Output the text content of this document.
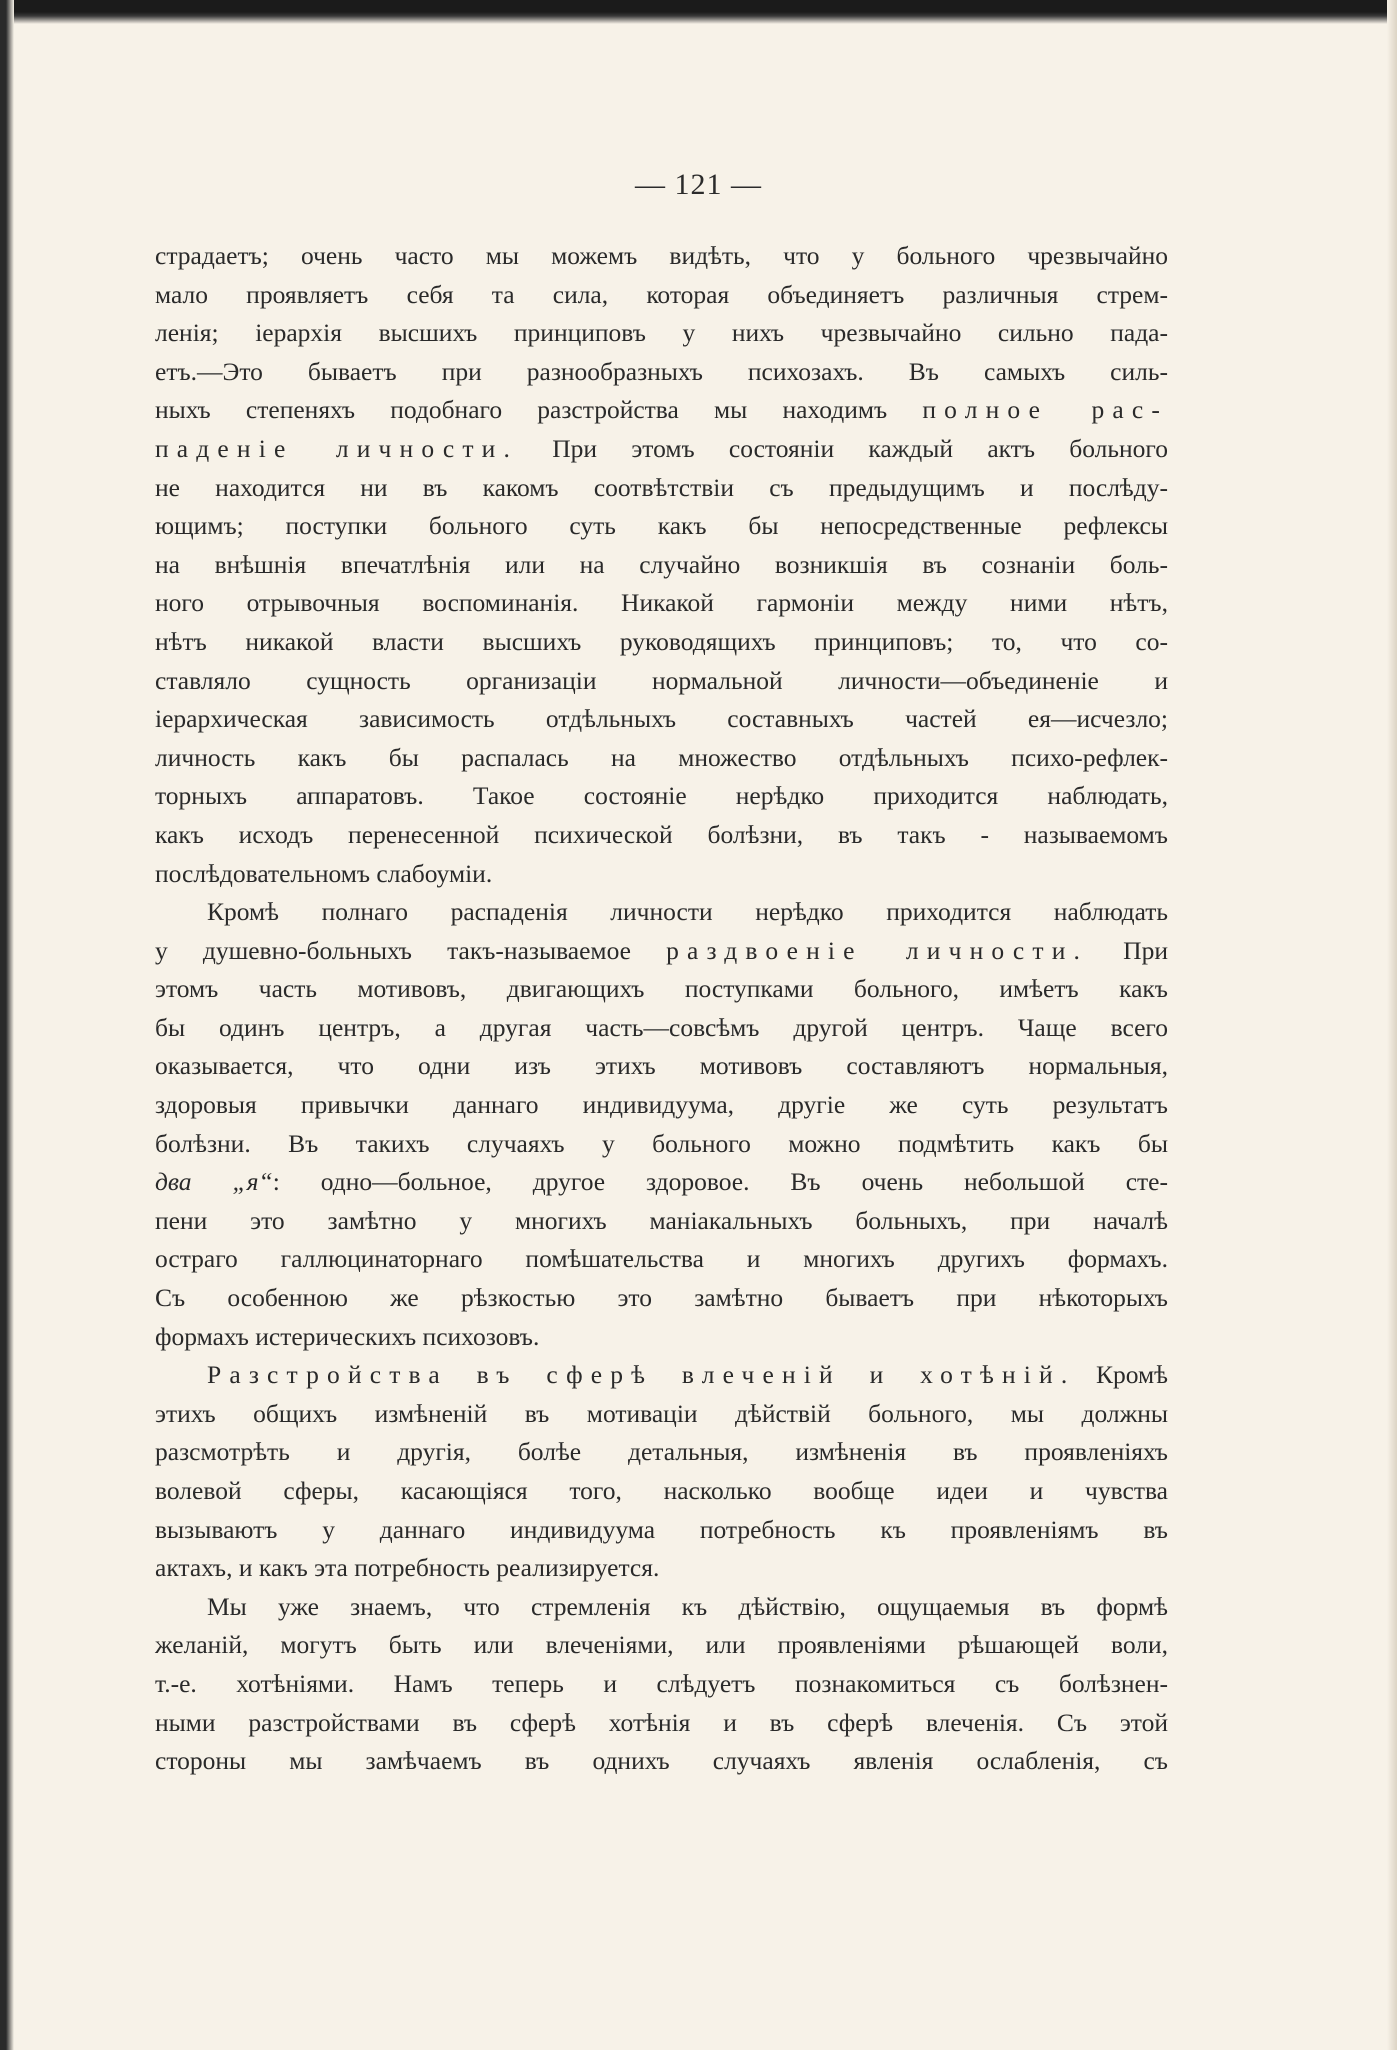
— 121 —
страдаетъ; очень часто мы можемъ видѣть, что у больного чрезвычайно
мало проявляетъ себя та сила, которая объединяетъ различныя стрем-
ленія; іерархія высшихъ принциповъ у нихъ чрезвычайно сильно пада-
етъ.—Это бываетъ при разнообразныхъ психозахъ. Въ самыхъ силь-
ныхъ степеняхъ подобнаго разстройства мы находимъ полное рас-
паденіе личности. При этомъ состояніи каждый актъ больного
не находится ни въ какомъ соотвѣтствіи съ предыдущимъ и послѣду-
ющимъ; поступки больного суть какъ бы непосредственные рефлексы
на внѣшнія впечатлѣнія или на случайно возникшія въ сознаніи боль-
ного отрывочныя воспоминанія. Никакой гармоніи между ними нѣтъ,
нѣтъ никакой власти высшихъ руководящихъ принциповъ; то, что со-
ставляло сущность организаціи нормальной личности—объединеніе и
іерархическая зависимость отдѣльныхъ составныхъ частей ея—исчезло;
личность какъ бы распалась на множество отдѣльныхъ психо-рефлек-
торныхъ аппаратовъ. Такое состояніе нерѣдко приходится наблюдать,
какъ исходъ перенесенной психической болѣзни, въ такъ - называемомъ
послѣдовательномъ слабоуміи.
Кромѣ полнаго распаденія личности нерѣдко приходится наблюдать
у душевно-больныхъ такъ-называемое раздвоеніе личности. При
этомъ часть мотивовъ, двигающихъ поступками больного, имѣетъ какъ
бы одинъ центръ, а другая часть—совсѣмъ другой центръ. Чаще всего
оказывается, что одни изъ этихъ мотивовъ составляютъ нормальныя,
здоровыя привычки даннаго индивидуума, другіе же суть результатъ
болѣзни. Въ такихъ случаяхъ у больного можно подмѣтить какъ бы
два „я“: одно—больное, другое здоровое. Въ очень небольшой сте-
пени это замѣтно у многихъ маніакальныхъ больныхъ, при началѣ
остраго галлюцинаторнаго помѣшательства и многихъ другихъ формахъ.
Съ особенною же рѣзкостью это замѣтно бываетъ при нѣкоторыхъ
формахъ истерическихъ психозовъ.
Разстройства въ сферѣ влеченій и хотѣній. Кромѣ
этихъ общихъ измѣненій въ мотиваціи дѣйствій больного, мы должны
разсмотрѣть и другія, болѣе детальныя, измѣненія въ проявленіяхъ
волевой сферы, касающіяся того, насколько вообще идеи и чувства
вызываютъ у даннаго индивидуума потребность къ проявленіямъ въ
актахъ, и какъ эта потребность реализируется.
Мы уже знаемъ, что стремленія къ дѣйствію, ощущаемыя въ формѣ
желаній, могутъ быть или влеченіями, или проявленіями рѣшающей воли,
т.-е. хотѣніями. Намъ теперь и слѣдуетъ познакомиться съ болѣзнен-
ными разстройствами въ сферѣ хотѣнія и въ сферѣ влеченія. Съ этой
стороны мы замѣчаемъ въ однихъ случаяхъ явленія ослабленія, съ
